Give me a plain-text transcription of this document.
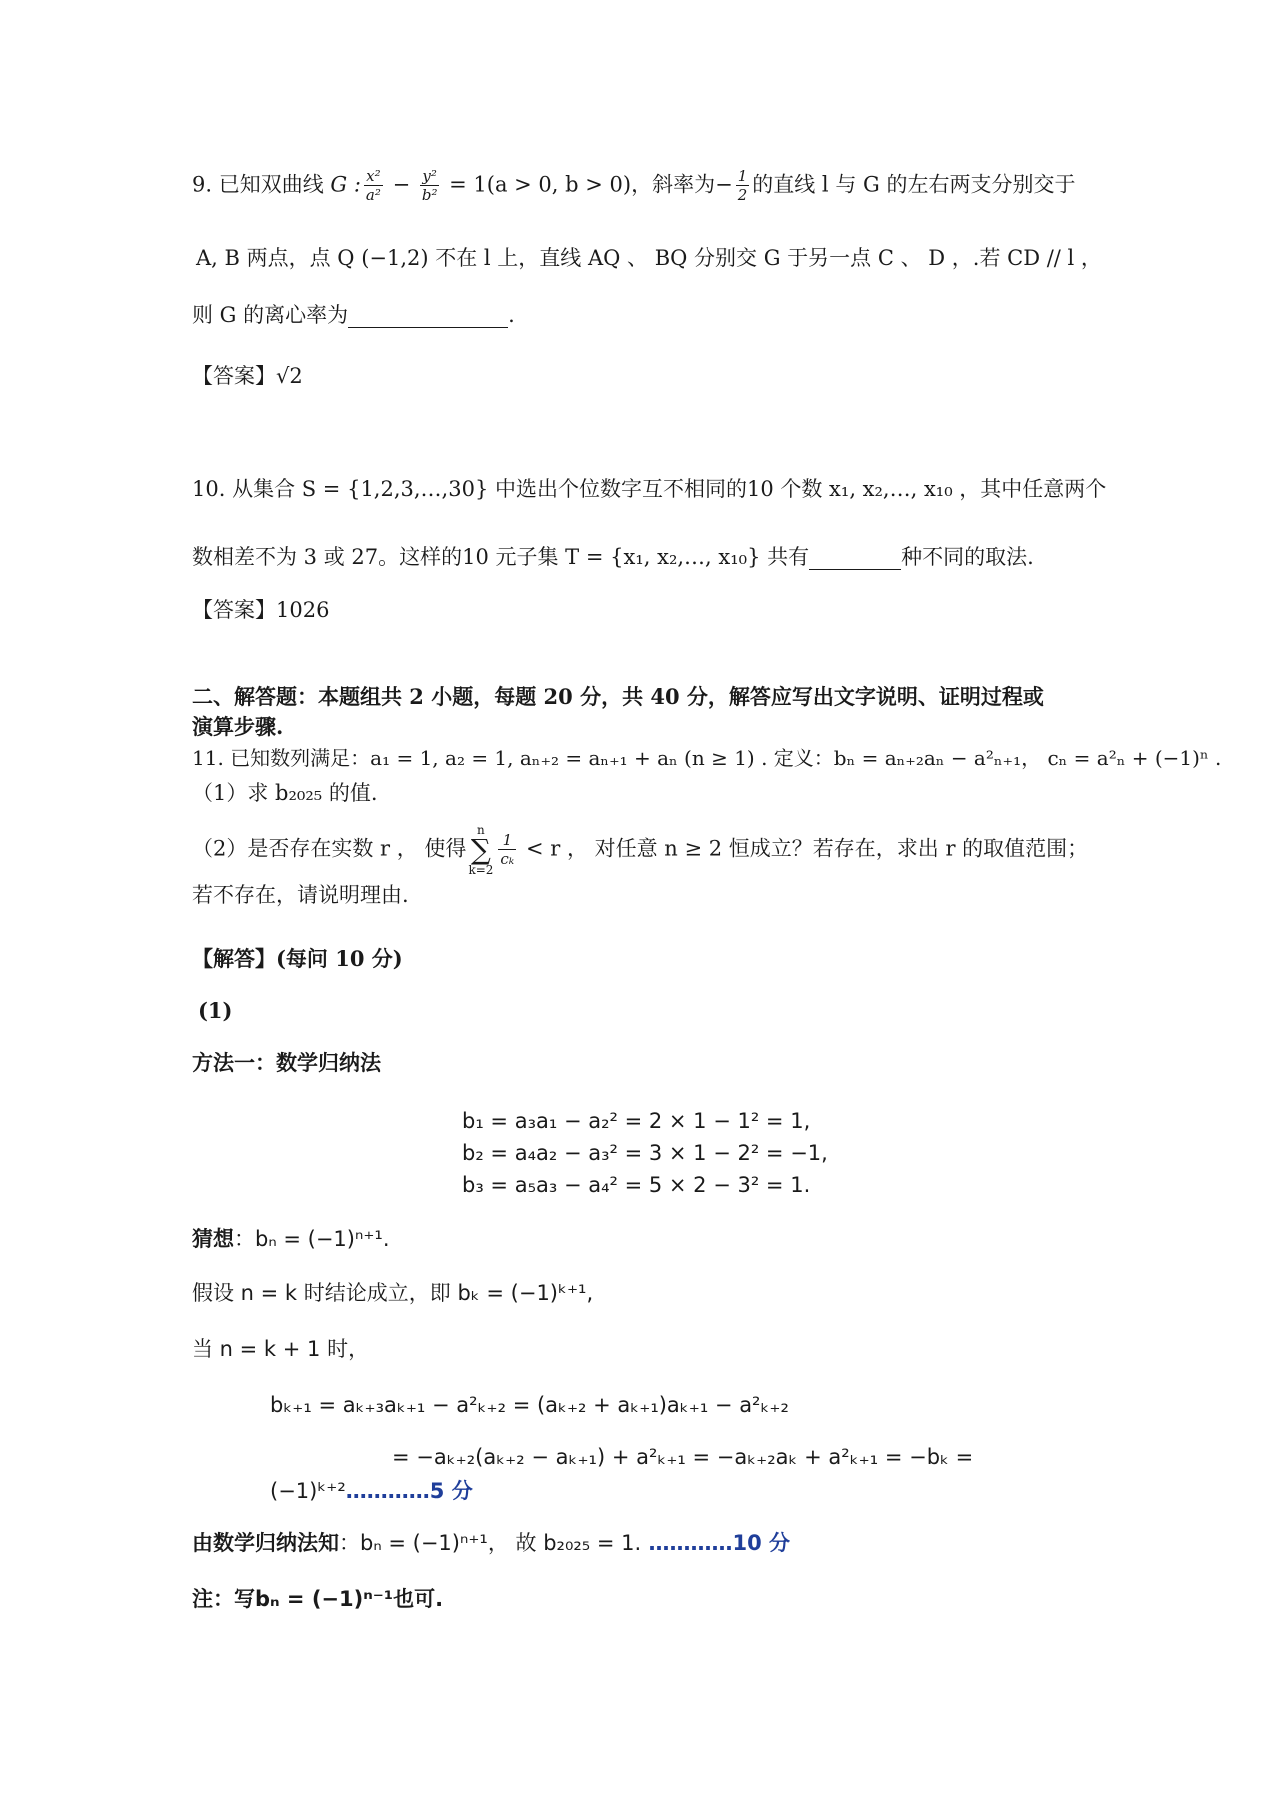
9. 已知双曲线 G : $\frac{\text{x²}}{\text{a²}} - \frac{\text{y²}}{\text{b²}} = 1(a > 0$, b > 0)，斜率为− $\frac{1}{2}$ 的直线 l 与 G 的左右两支分别交于
A, B 两点，点 Q (−1,2) 不在 l 上，直线 AQ 、 BQ 分别交 G 于另一点 C 、 D ，.若 CD // l ，
则 G 的离心率为	.
【答案】√2
10. 从集合 S = {1,2,3,…,30} 中选出个位数字互不相同的10 个数 x₁, x₂,…, x₁₀ ，其中任意两个
数相差不为 3 或 27。这样的10 元子集 T = {x₁, x₂,…, x₁₀} 共有	种不同的取法.
【答案】1026
二、解答题：本题组共 2 小题，每题 20 分，共 40 分，解答应写出文字说明、证明过程或
演算步骤.
11. 已知数列满足：a₁ = 1, a₂ = 1, aₙ₊₂ = aₙ₊₁ + aₙ (n ≥ 1) . 定义：bₙ = aₙ₊₂aₙ − a²ₙ₊₁， cₙ = a²ₙ + (−1)ⁿ .
（1）求 b₂₀₂₅ 的值.
（2）是否存在实数 r ， 使得n
∑
k=2
$\frac{1}{\text{cₖ}} < r$ ， 对任意 n ≥ 2 恒成立？若存在，求出 r 的取值范围；
若不存在，请说明理由.
【解答】(每问 10 分)
(1)
方法一：数学归纳法
b₁ = a₃a₁ − a₂² = 2 × 1 − 1² = 1,
b₂ = a₄a₂ − a₃² = 3 × 1 − 2² = −1,
b₃ = a₅a₃ − a₄² = 5 × 2 − 3² = 1.
猜想：bₙ = (−1)ⁿ⁺¹.
假设 n = k 时结论成立，即 bₖ = (−1)ᵏ⁺¹,
当 n = k + 1 时，
bₖ₊₁ = aₖ₊₃aₖ₊₁ − a²ₖ₊₂ = (aₖ₊₂ + aₖ₊₁)aₖ₊₁ − a²ₖ₊₂
= −aₖ₊₂(aₖ₊₂ − aₖ₊₁) + a²ₖ₊₁ = −aₖ₊₂aₖ + a²ₖ₊₁ = −bₖ =
(−1)ᵏ⁺²…………5 分
由数学归纳法知：bₙ = (−1)ⁿ⁺¹， 故 b₂₀₂₅ = 1. …………10 分
注：写bₙ = (−1)ⁿ⁻¹也可.
